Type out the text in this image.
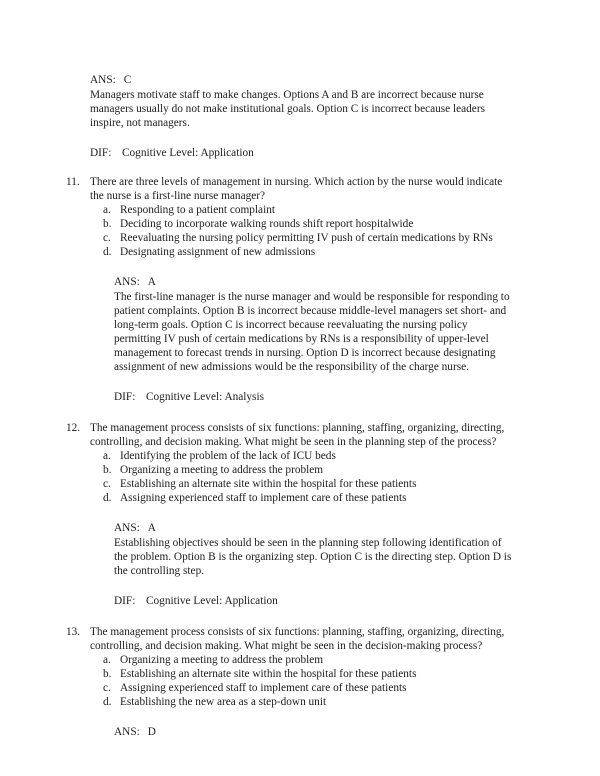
ANS: C

Managers motivate staff to make changes. Options A and B are incorrect because nurse managers usually do not make institutional goals. Option C is incorrect because leaders inspire, not managers.

DIF: Cognitive Level: Application
11. There are three levels of management in nursing. Which action by the nurse would indicate the nurse is a first-line nurse manager?

a. Responding to a patient complaint
b. Deciding to incorporate walking rounds shift report hospitalwide
c. Reevaluating the nursing policy permitting IV push of certain medications by RNs
d. Designating assignment of new admissions
ANS: A

The first-line manager is the nurse manager and would be responsible for responding to patient complaints. Option B is incorrect because middle-level managers set short- and long-term goals. Option C is incorrect because reevaluating the nursing policy permitting IV push of certain medications by RNs is a responsibility of upper-level management to forecast trends in nursing. Option D is incorrect because designating assignment of new admissions would be the responsibility of the charge nurse.

DIF: Cognitive Level: Analysis
12. The management process consists of six functions: planning, staffing, organizing, directing, controlling, and decision making. What might be seen in the planning step of the process?

a. Identifying the problem of the lack of ICU beds
b. Organizing a meeting to address the problem
c. Establishing an alternate site within the hospital for these patients
d. Assigning experienced staff to implement care of these patients
ANS: A

Establishing objectives should be seen in the planning step following identification of the problem. Option B is the organizing step. Option C is the directing step. Option D is the controlling step.

DIF: Cognitive Level: Application
13. The management process consists of six functions: planning, staffing, organizing, directing, controlling, and decision making. What might be seen in the decision-making process?

a. Organizing a meeting to address the problem
b. Establishing an alternate site within the hospital for these patients
c. Assigning experienced staff to implement care of these patients
d. Establishing the new area as a step-down unit
ANS: D
